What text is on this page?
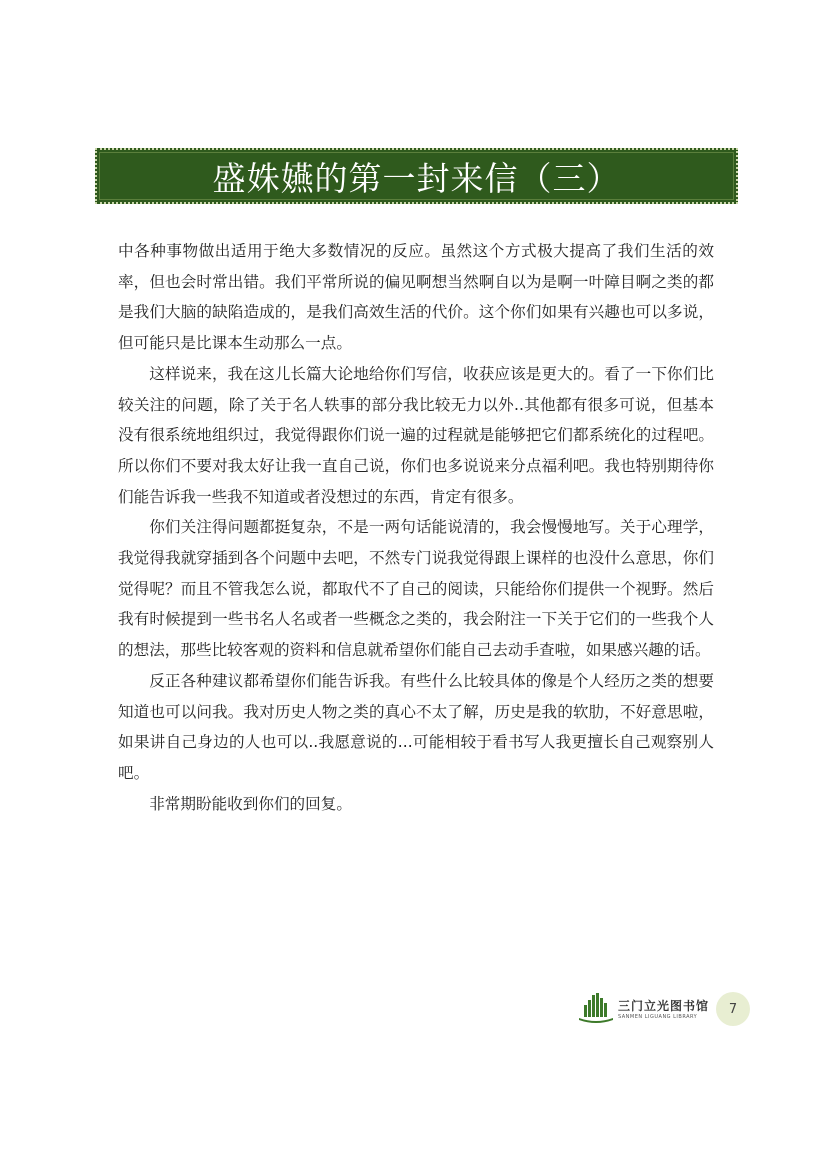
盛姝嬿的第一封来信（三）

中各种事物做出适用于绝大多数情况的反应。虽然这个方式极大提高了我们生活的效率，但也会时常出错。我们平常所说的偏见啊想当然啊自以为是啊一叶障目啊之类的都是我们大脑的缺陷造成的，是我们高效生活的代价。这个你们如果有兴趣也可以多说，但可能只是比课本生动那么一点。

这样说来，我在这儿长篇大论地给你们写信，收获应该是更大的。看了一下你们比较关注的问题，除了关于名人轶事的部分我比较无力以外..其他都有很多可说，但基本没有很系统地组织过，我觉得跟你们说一遍的过程就是能够把它们都系统化的过程吧。所以你们不要对我太好让我一直自己说，你们也多说说来分点福利吧。我也特别期待你们能告诉我一些我不知道或者没想过的东西，肯定有很多。

你们关注得问题都挺复杂，不是一两句话能说清的，我会慢慢地写。关于心理学，我觉得我就穿插到各个问题中去吧，不然专门说我觉得跟上课样的也没什么意思，你们觉得呢？而且不管我怎么说，都取代不了自己的阅读，只能给你们提供一个视野。然后我有时候提到一些书名人名或者一些概念之类的，我会附注一下关于它们的一些我个人的想法，那些比较客观的资料和信息就希望你们能自己去动手查啦，如果感兴趣的话。

反正各种建议都希望你们能告诉我。有些什么比较具体的像是个人经历之类的想要知道也可以问我。我对历史人物之类的真心不太了解，历史是我的软肋，不好意思啦，如果讲自己身边的人也可以..我愿意说的...可能相较于看书写人我更擅长自己观察别人吧。

非常期盼能收到你们的回复。

三门立光图书馆
SANMEN LIGUANG LIBRARY	7
